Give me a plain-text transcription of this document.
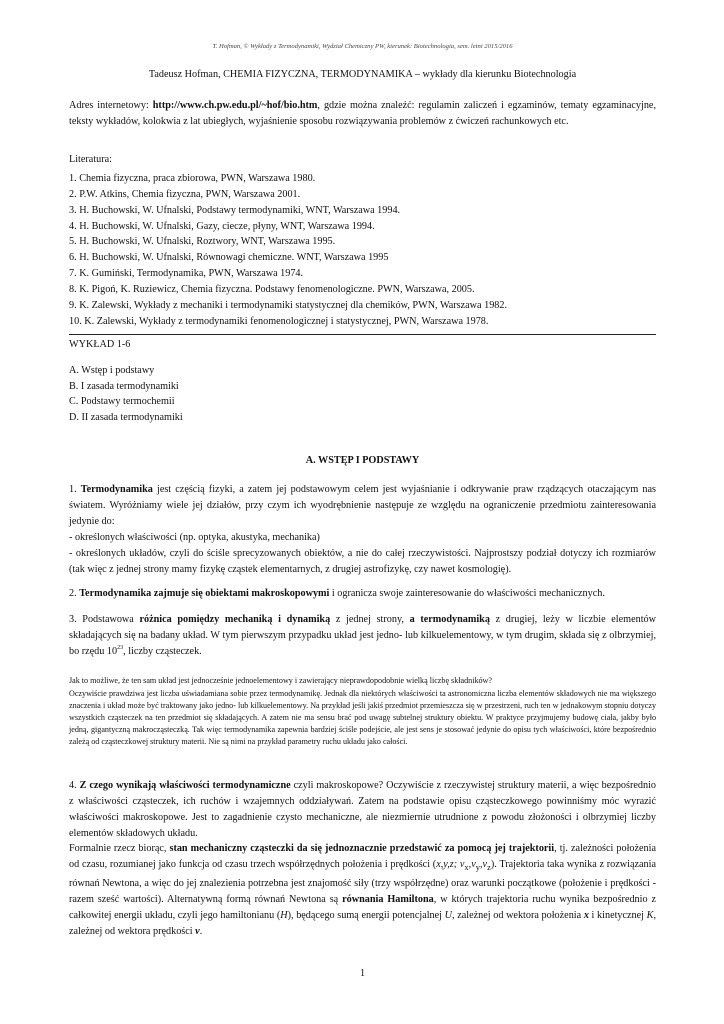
T. Hofman, © Wykłady z Termodynamiki, Wydział Chemiczny PW, kierunek: Biotechnologia, sem. letni 2015/2016
Tadeusz Hofman, CHEMIA FIZYCZNA, TERMODYNAMIKA – wykłady dla kierunku Biotechnologia
Adres internetowy: http://www.ch.pw.edu.pl/~hof/bio.htm, gdzie można znaleźć: regulamin zaliczeń i egzaminów, tematy egzaminacyjne, teksty wykładów, kolokwia z lat ubiegłych, wyjaśnienie sposobu rozwiązywania problemów z ćwiczeń rachunkowych etc.
Literatura:
1. Chemia fizyczna, praca zbiorowa, PWN, Warszawa 1980.
2. P.W. Atkins, Chemia fizyczna, PWN, Warszawa 2001.
3. H. Buchowski, W. Ufnalski, Podstawy termodynamiki, WNT, Warszawa 1994.
4. H. Buchowski, W. Ufnalski, Gazy, ciecze, płyny, WNT, Warszawa 1994.
5. H. Buchowski, W. Ufnalski, Roztwory, WNT, Warszawa 1995.
6. H. Buchowski, W. Ufnalski, Równowagi chemiczne. WNT, Warszawa 1995
7. K. Gumiński, Termodynamika, PWN, Warszawa 1974.
8. K. Pigoń, K. Ruziewicz, Chemia fizyczna. Podstawy fenomenologiczne. PWN, Warszawa, 2005.
9. K. Zalewski, Wykłady z mechaniki i termodynamiki statystycznej dla chemików, PWN, Warszawa 1982.
10. K. Zalewski, Wykłady z termodynamiki fenomenologicznej i statystycznej, PWN, Warszawa 1978.
WYKŁAD 1-6
A. Wstęp i podstawy
B. I zasada termodynamiki
C. Podstawy termochemii
D. II zasada termodynamiki
A. WSTĘP I PODSTAWY
1. Termodynamika jest częścią fizyki, a zatem jej podstawowym celem jest wyjaśnianie i odkrywanie praw rządzących otaczającym nas światem. Wyróżniamy wiele jej działów, przy czym ich wyodrębnienie następuje ze względu na ograniczenie przedmiotu zainteresowania jedynie do:
- określonych właściwości (np. optyka, akustyka, mechanika)
- określonych układów, czyli do ściśle sprecyzowanych obiektów, a nie do całej rzeczywistości. Najprostszy podział dotyczy ich rozmiarów (tak więc z jednej strony mamy fizykę cząstek elementarnych, z drugiej astrofizykę, czy nawet kosmologię).
2. Termodynamika zajmuje się obiektami makroskopowymi i ogranicza swoje zainteresowanie do właściwości mechanicznych.
3. Podstawowa różnica pomiędzy mechaniką i dynamiką z jednej strony, a termodynamiką z drugiej, leży w liczbie elementów składających się na badany układ. W tym pierwszym przypadku układ jest jedno- lub kilkuelementowy, w tym drugim, składa się z olbrzymiej, bo rzędu $10^{23}$, liczby cząsteczek.
Jak to możliwe, że ten sam układ jest jednocześnie jednoelementowy i zawierający nieprawdopodobnie wielką liczbę składników?
Oczywiście prawdziwa jest liczba uświadamiana sobie przez termodynamikę. Jednak dla niektórych właściwości ta astronomiczna liczba elementów składowych nie ma większego znaczenia i układ może być traktowany jako jedno- lub kilkuelementowy. Na przykład jeśli jakiś przedmiot przemieszcza się w przestrzeni, ruch ten w jednakowym stopniu dotyczy wszystkich cząsteczek na ten przedmiot się składających. A zatem nie ma sensu brać pod uwagę subtelnej struktury obiektu. W praktyce przyjmujemy budowę ciała, jakby było jedną, gigantyczną makrocząsteczką. Tak więc termodynamika zapewnia bardziej ściśle podejście, ale jest sens je stosować jedynie do opisu tych właściwości, które bezpośrednio zależą od cząsteczkowej struktury materii. Nie są nimi na przykład parametry ruchu układu jako całości.
4. Z czego wynikają właściwości termodynamiczne czyli makroskopowe? Oczywiście z rzeczywistej struktury materii, a więc bezpośrednio z właściwości cząsteczek, ich ruchów i wzajemnych oddziaływań. Zatem na podstawie opisu cząsteczkowego powinniśmy móc wyrazić właściwości makroskopowe. Jest to zagadnienie czysto mechaniczne, ale niezmiernie utrudnione z powodu złożoności i olbrzymiej liczby elementów składowych układu.
Formalnie rzecz biorąc, stan mechaniczny cząsteczki da się jednoznacznie przedstawić za pomocą jej trajektorii, tj. zależności położenia od czasu, rozumianej jako funkcja od czasu trzech współrzędnych położenia i prędkości (x,y,z; $v_x,v_y,v_z$). Trajektoria taka wynika z rozwiązania równań Newtona, a więc do jej znalezienia potrzebna jest znajomość siły (trzy współrzędne) oraz warunki początkowe (położenie i prędkości - razem sześć wartości). Alternatywną formą równań Newtona są równania Hamiltona, w których trajektoria ruchu wynika bezpośrednio z całkowitej energii układu, czyli jego hamiltonianu (H), będącego sumą energii potencjalnej U, zależnej od wektora położenia x i kinetycznej K, zależnej od wektora prędkości v.
1
